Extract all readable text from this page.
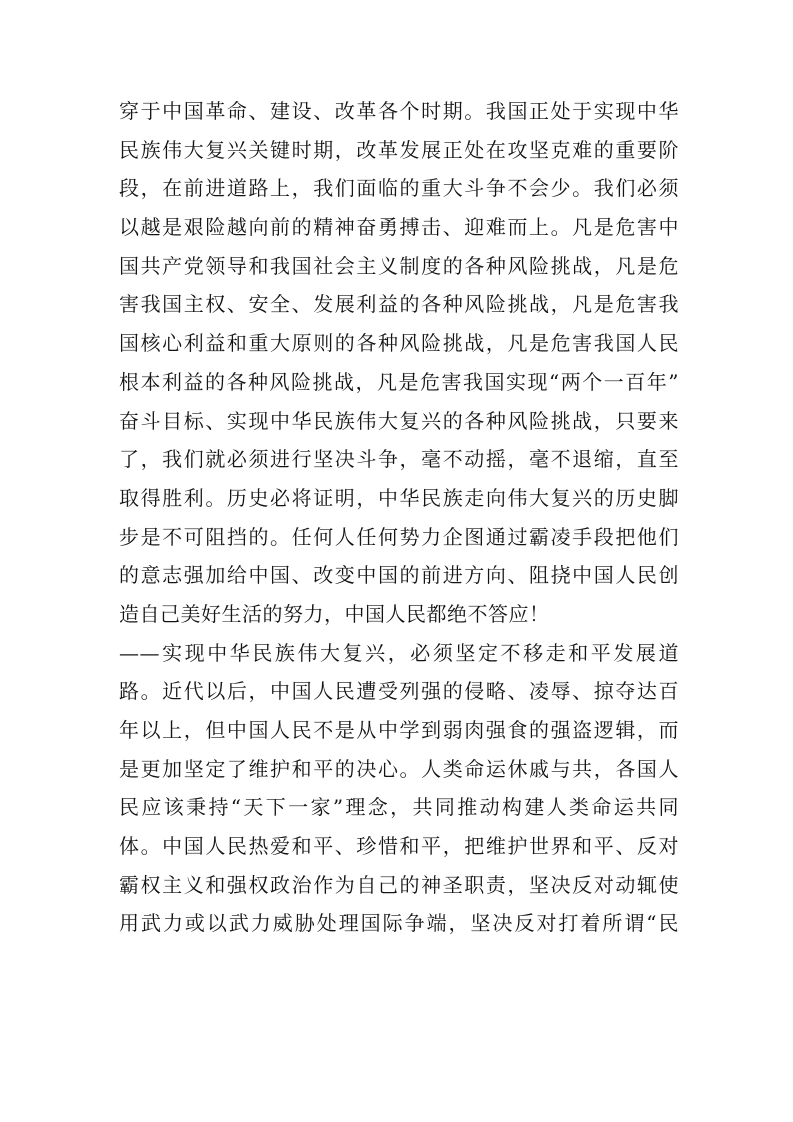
穿于中国革命、建设、改革各个时期。我国正处于实现中华
民族伟大复兴关键时期，改革发展正处在攻坚克难的重要阶
段，在前进道路上，我们面临的重大斗争不会少。我们必须
以越是艰险越向前的精神奋勇搏击、迎难而上。凡是危害中
国共产党领导和我国社会主义制度的各种风险挑战，凡是危
害我国主权、安全、发展利益的各种风险挑战，凡是危害我
国核心利益和重大原则的各种风险挑战，凡是危害我国人民
根本利益的各种风险挑战，凡是危害我国实现“两个一百年”
奋斗目标、实现中华民族伟大复兴的各种风险挑战，只要来
了，我们就必须进行坚决斗争，毫不动摇，毫不退缩，直至
取得胜利。历史必将证明，中华民族走向伟大复兴的历史脚
步是不可阻挡的。任何人任何势力企图通过霸凌手段把他们
的意志强加给中国、改变中国的前进方向、阻挠中国人民创
造自己美好生活的努力，中国人民都绝不答应！
——实现中华民族伟大复兴，必须坚定不移走和平发展道
路。近代以后，中国人民遭受列强的侵略、凌辱、掠夺达百
年以上，但中国人民不是从中学到弱肉强食的强盗逻辑，而
是更加坚定了维护和平的决心。人类命运休戚与共，各国人
民应该秉持“天下一家”理念，共同推动构建人类命运共同
体。中国人民热爱和平、珍惜和平，把维护世界和平、反对
霸权主义和强权政治作为自己的神圣职责，坚决反对动辄使
用武力或以武力威胁处理国际争端，坚决反对打着所谓“民
